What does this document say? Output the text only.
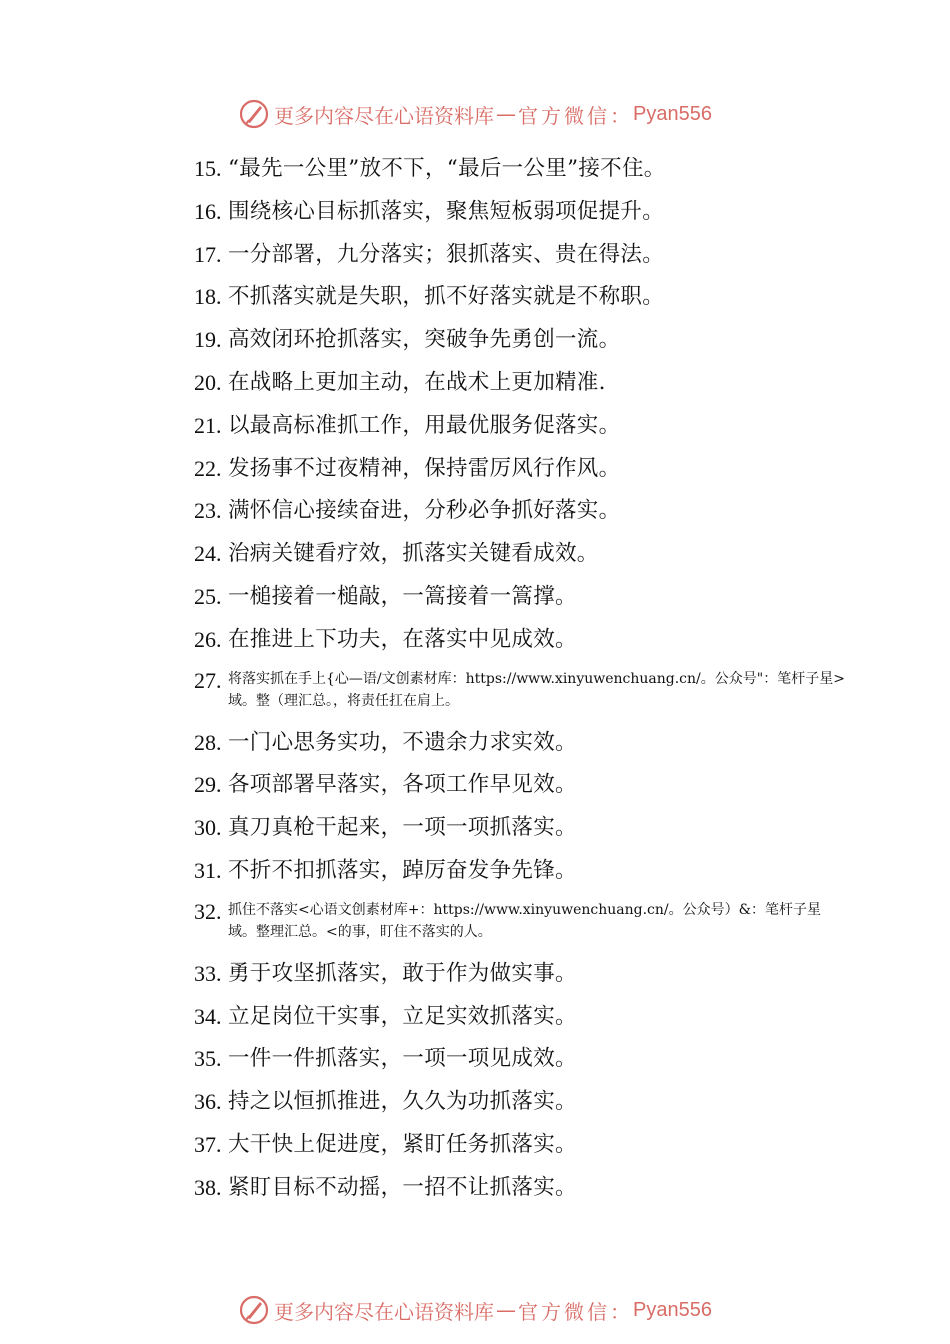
更多内容尽在心语资料库 — 官方微信： Pyan556
15. “最先一公里”放不下，“最后一公里”接不住。
16. 围绕核心目标抓落实，聚焦短板弱项促提升。
17. 一分部署，九分落实；狠抓落实、贵在得法。
18. 不抓落实就是失职，抓不好落实就是不称职。
19. 高效闭环抢抓落实，突破争先勇创一流。
20. 在战略上更加主动，在战术上更加精准.
21. 以最高标准抓工作，用最优服务促落实。
22. 发扬事不过夜精神，保持雷厉风行作风。
23. 满怀信心接续奋进，分秒必争抓好落实。
24. 治病关键看疗效，抓落实关键看成效。
25. 一槌接着一槌敲，一篙接着一篙撑。
26. 在推进上下功夫，在落实中见成效。
27. 将落实抓在手上{心—语/文创素材库：https://www.xinyuwenchuang.cn/。公众号"：笔杆子星>域。整（理汇总。，将责任扛在肩上。
28. 一门心思务实功，不遗余力求实效。
29. 各项部署早落实，各项工作早见效。
30. 真刀真枪干起来，一项一项抓落实。
31. 不折不扣抓落实，踔厉奋发争先锋。
32. 抓住不落实<心语文创素材库+：https://www.xinyuwenchuang.cn/。公众号）&：笔杆子星域。整理汇总。<的事，盯住不落实的人。
33. 勇于攻坚抓落实，敢于作为做实事。
34. 立足岗位干实事，立足实效抓落实。
35. 一件一件抓落实，一项一项见成效。
36. 持之以恒抓推进，久久为功抓落实。
37. 大干快上促进度，紧盯任务抓落实。
38. 紧盯目标不动摇，一招不让抓落实。
更多内容尽在心语资料库 — 官方微信： Pyan556
